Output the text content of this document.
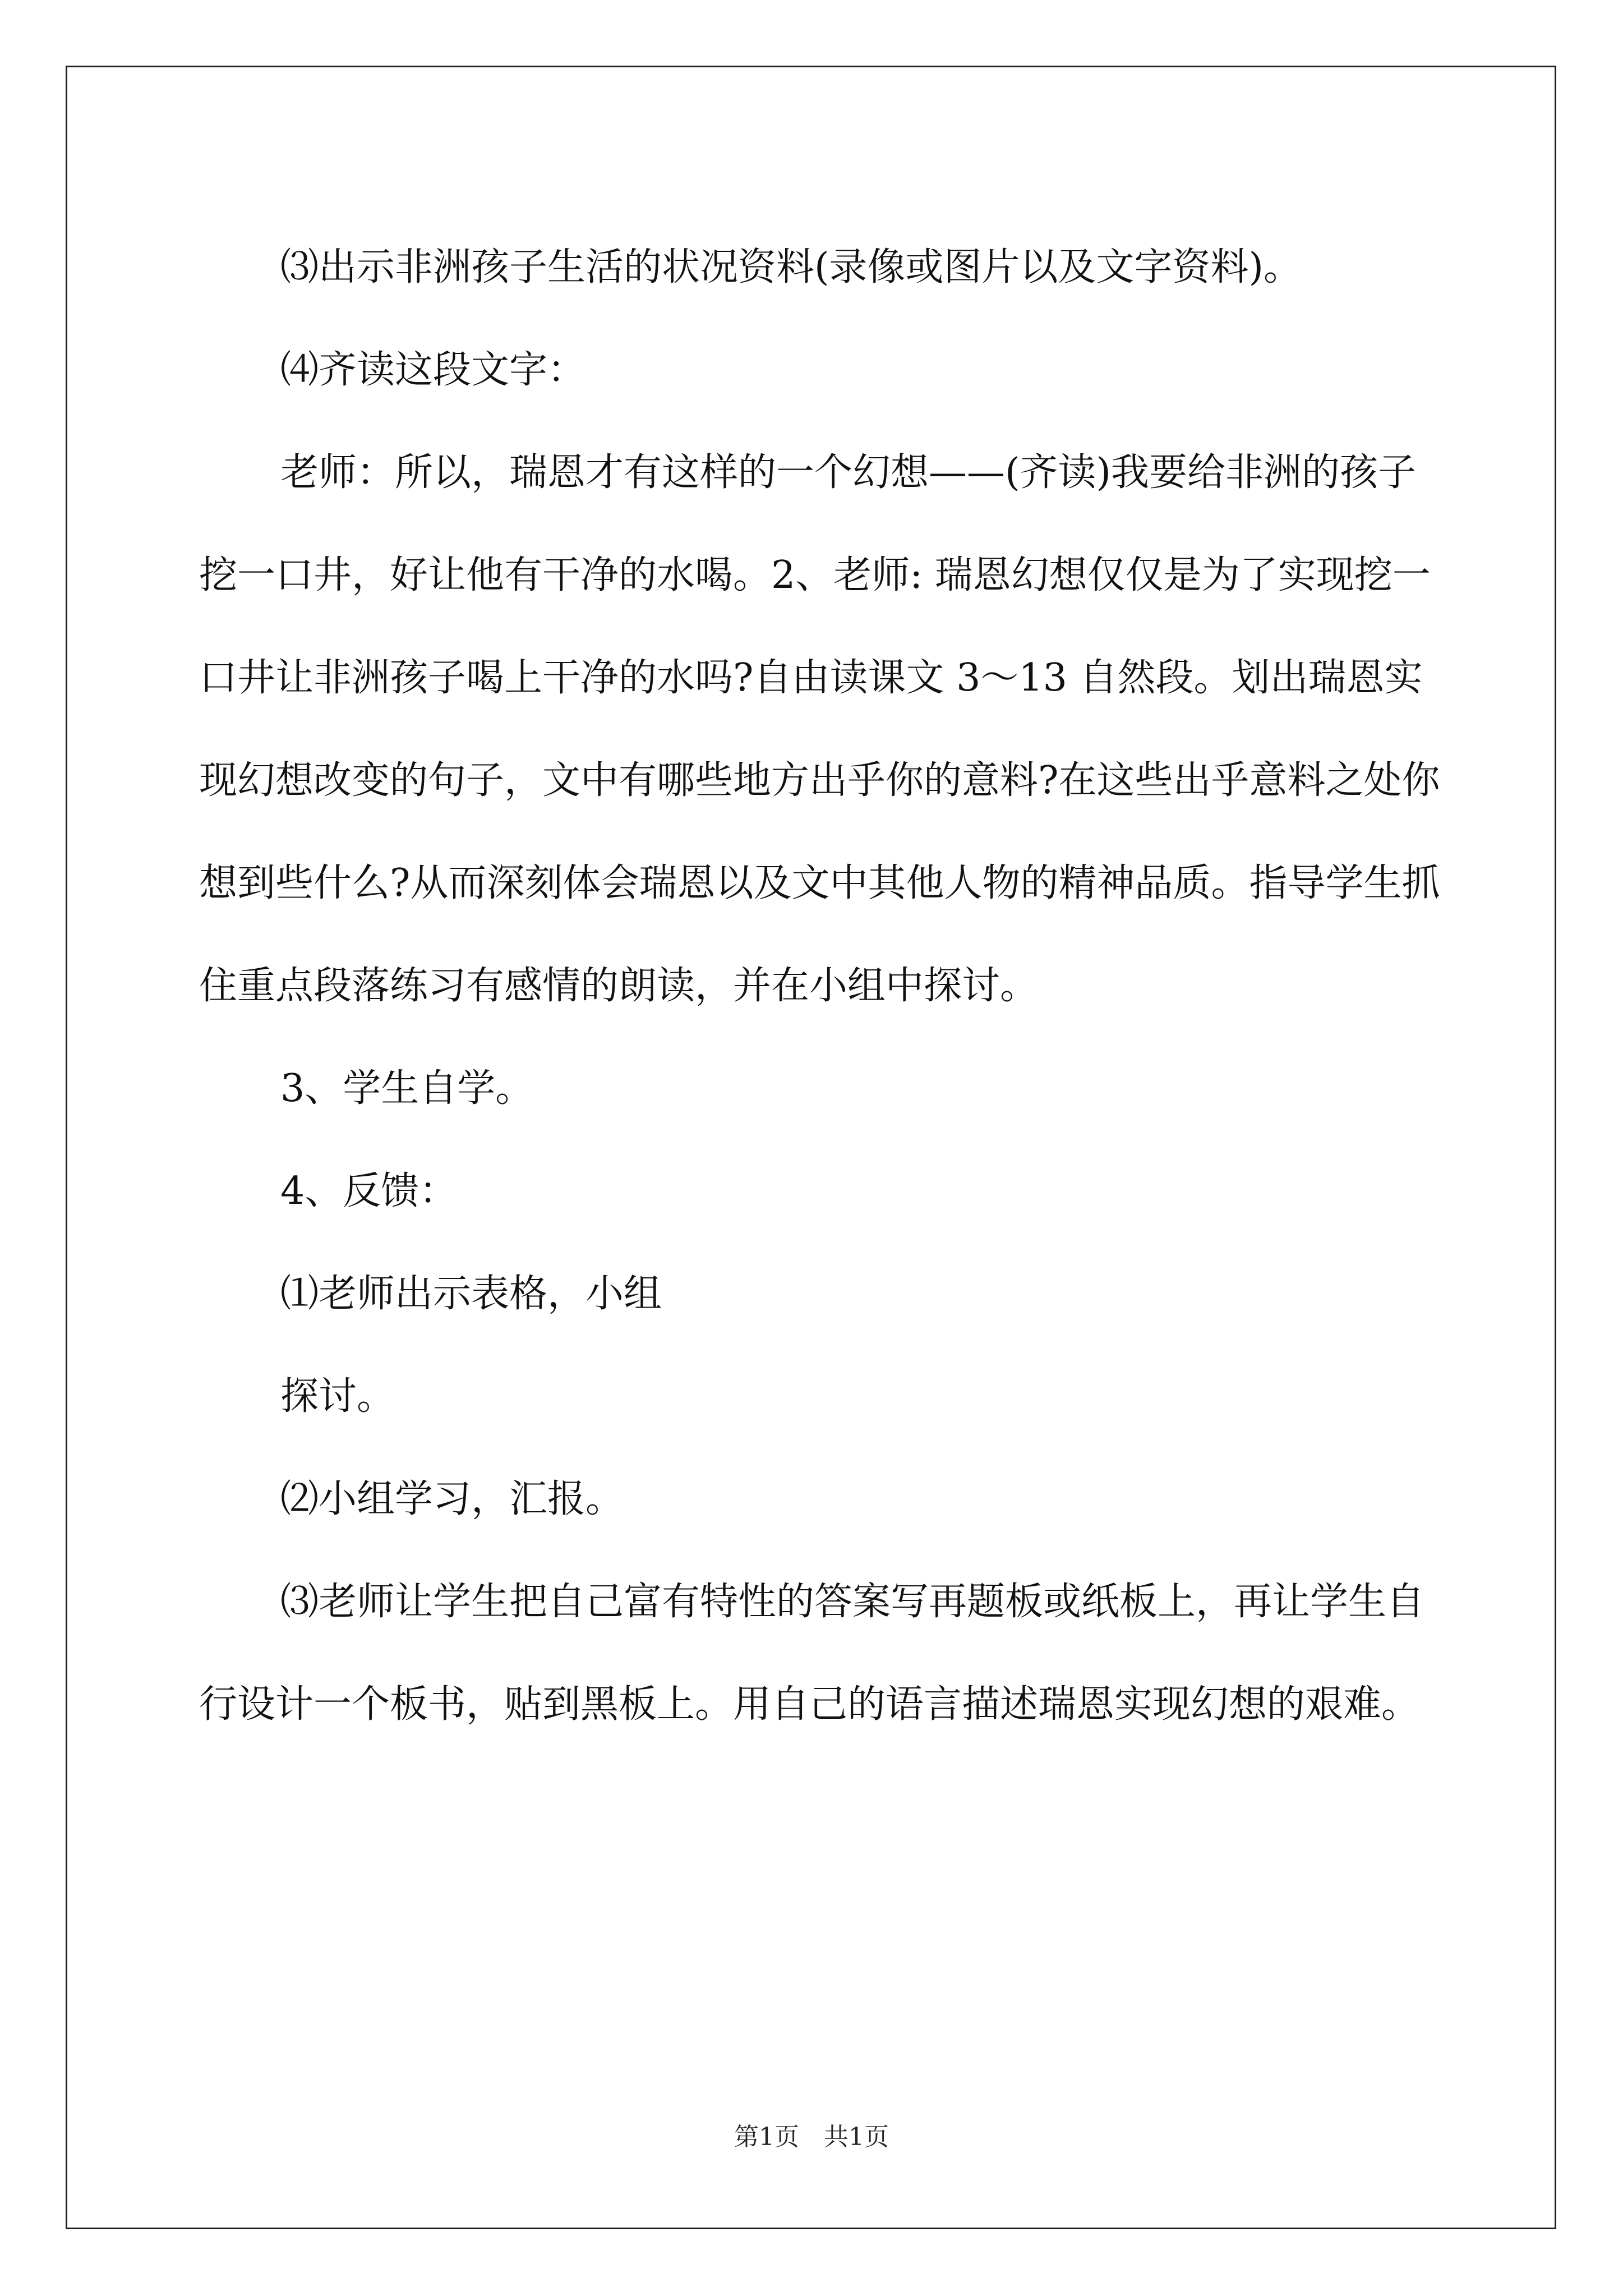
⑶出示非洲孩子生活的状况资料(录像或图片以及文字资料)。

⑷齐读这段文字：

老师：所以，瑞恩才有这样的一个幻想——(齐读)我要给非洲的孩子挖一口井，好让他有干净的水喝。2、老师: 瑞恩幻想仅仅是为了实现挖一口井让非洲孩子喝上干净的水吗?自由读课文 3～13 自然段。划出瑞恩实现幻想改变的句子，文中有哪些地方出乎你的意料?在这些出乎意料之处你想到些什么?从而深刻体会瑞恩以及文中其他人物的精神品质。指导学生抓住重点段落练习有感情的朗读，并在小组中探讨。

3、学生自学。

4、反馈：

⑴老师出示表格，小组

探讨。

⑵小组学习，汇报。

⑶老师让学生把自己富有特性的答案写再题板或纸板上，再让学生自行设计一个板书，贴到黑板上。用自己的语言描述瑞恩实现幻想的艰难。

第1页　共1页
